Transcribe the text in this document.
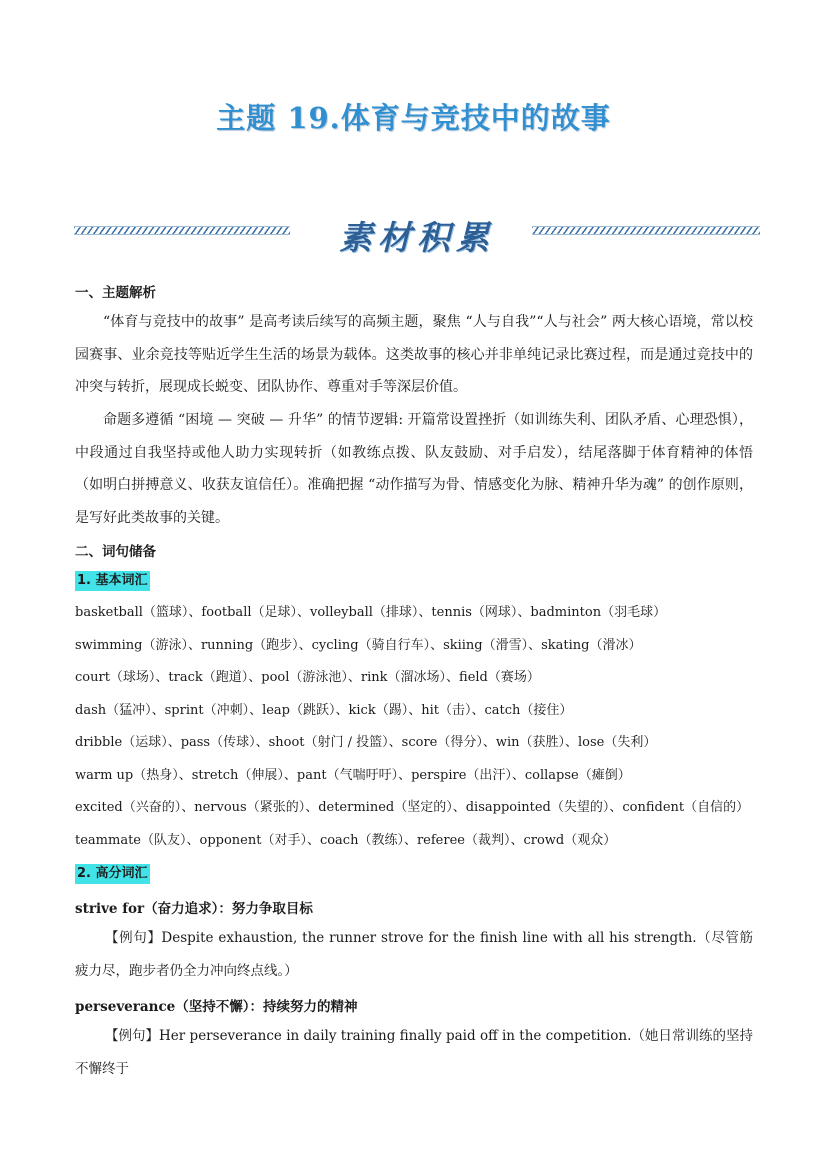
主题 19.体育与竞技中的故事
素材积累
一、主题解析
“体育与竞技中的故事” 是高考读后续写的高频主题，聚焦 “人与自我”“人与社会” 两大核心语境，常以校园赛事、业余竞技等贴近学生生活的场景为载体。这类故事的核心并非单纯记录比赛过程，而是通过竞技中的冲突与转折，展现成长蜕变、团队协作、尊重对手等深层价值。
命题多遵循 “困境 — 突破 — 升华” 的情节逻辑: 开篇常设置挫折（如训练失利、团队矛盾、心理恐惧），中段通过自我坚持或他人助力实现转折（如教练点拨、队友鼓励、对手启发），结尾落脚于体育精神的体悟（如明白拼搏意义、收获友谊信任）。准确把握 “动作描写为骨、情感变化为脉、精神升华为魂” 的创作原则，是写好此类故事的关键。
二、词句储备
1. 基本词汇
basketball（篮球）、football（足球）、volleyball（排球）、tennis（网球）、badminton（羽毛球）
swimming（游泳）、running（跑步）、cycling（骑自行车）、skiing（滑雪）、skating（滑冰）
court（球场）、track（跑道）、pool（游泳池）、rink（溜冰场）、field（赛场）
dash（猛冲）、sprint（冲刺）、leap（跳跃）、kick（踢）、hit（击）、catch（接住）
dribble（运球）、pass（传球）、shoot（射门 / 投篮）、score（得分）、win（获胜）、lose（失利）
warm up（热身）、stretch（伸展）、pant（气喘吁吁）、perspire（出汗）、collapse（瘫倒）
excited（兴奋的）、nervous（紧张的）、determined（坚定的）、disappointed（失望的）、confident（自信的）
teammate（队友）、opponent（对手）、coach（教练）、referee（裁判）、crowd（观众）
2. 高分词汇
strive for（奋力追求）：努力争取目标
【例句】Despite exhaustion, the runner strove for the finish line with all his strength.（尽管筋疲力尽，跑步者仍全力冲向终点线。）
perseverance（坚持不懈）：持续努力的精神
【例句】Her perseverance in daily training finally paid off in the competition.（她日常训练的坚持不懈终于
